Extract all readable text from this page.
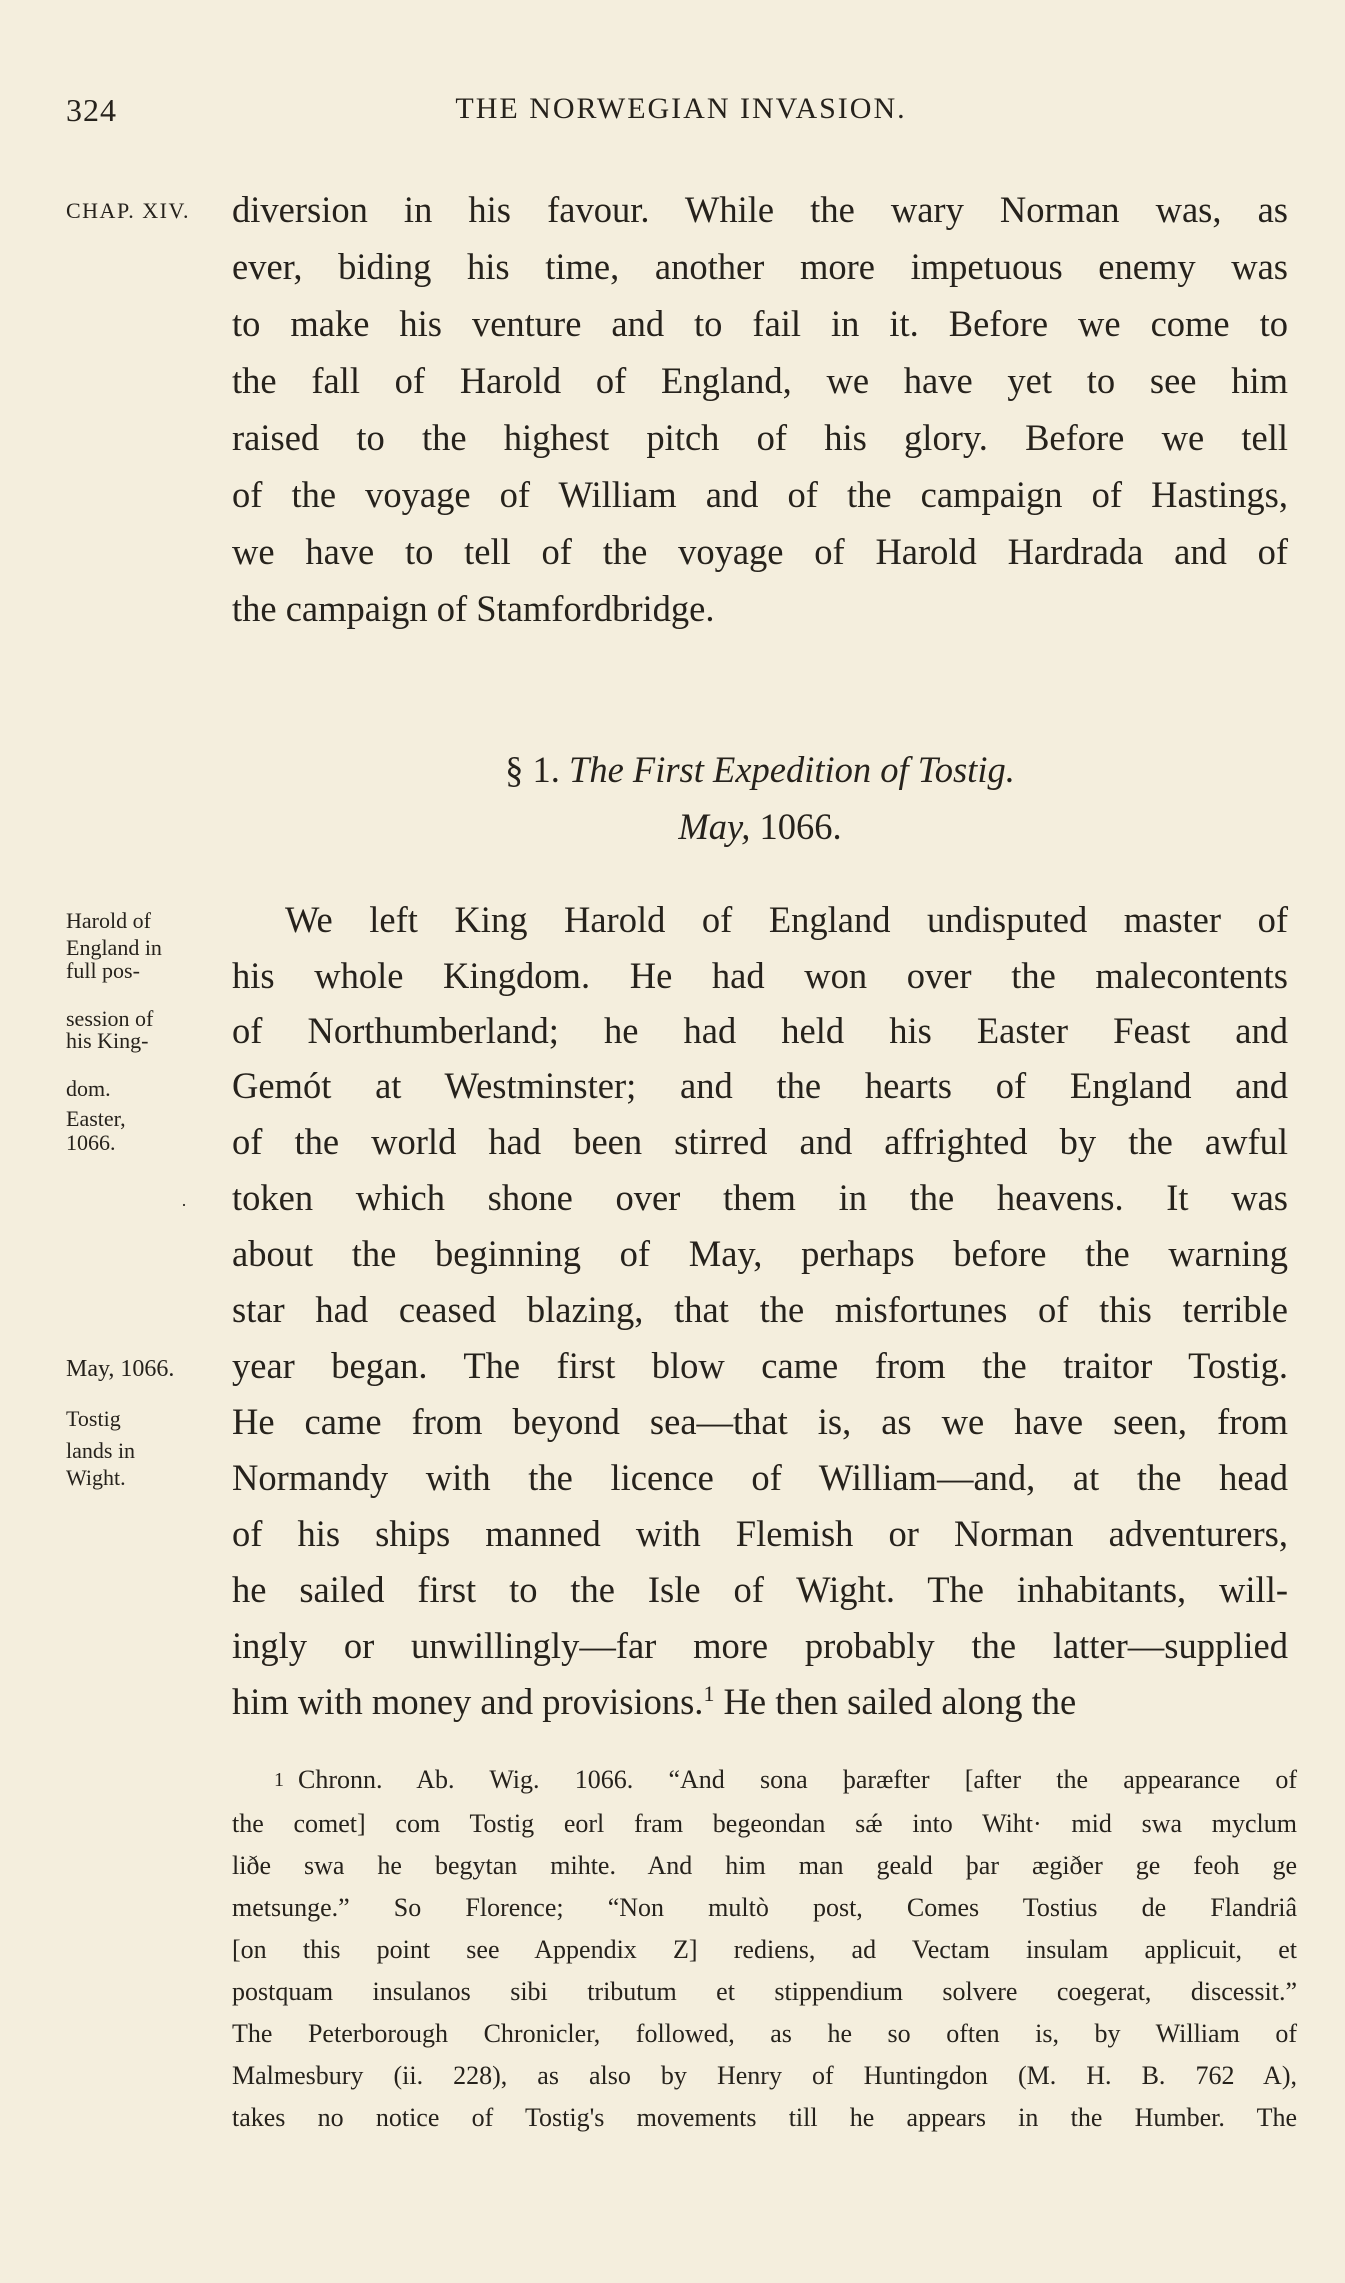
324	THE NORWEGIAN INVASION.
CHAP. XIV.
Harold of
England in
full pos-
session of
his King-
dom.
Easter,
1066.
May, 1066.
Tostig
lands in
Wight.
diversion in his favour. While the wary Norman was, as
ever, biding his time, another more impetuous enemy was
to make his venture and to fail in it. Before we come to
the fall of Harold of England, we have yet to see him
raised to the highest pitch of his glory. Before we tell
of the voyage of William and of the campaign of Hastings,
we have to tell of the voyage of Harold Hardrada and of
the campaign of Stamfordbridge.
§ 1. The First Expedition of Tostig.
May, 1066.
·
We left King Harold of England undisputed master of
his whole Kingdom. He had won over the malecontents
of Northumberland; he had held his Easter Feast and
Gemót at Westminster; and the hearts of England and
of the world had been stirred and affrighted by the awful
token which shone over them in the heavens. It was
about the beginning of May, perhaps before the warning
star had ceased blazing, that the misfortunes of this terrible
year began. The first blow came from the traitor Tostig.
He came from beyond sea—that is, as we have seen, from
Normandy with the licence of William—and, at the head
of his ships manned with Flemish or Norman adventurers,
he sailed first to the Isle of Wight. The inhabitants, will-
ingly or unwillingly—far more probably the latter—supplied
him with money and provisions.$^1$ He then sailed along the
1 Chronn. Ab. Wig. 1066. “And sona þaræfter [after the appearance of
the comet] com Tostig eorl fram begeondan sǽ into Wiht· mid swa myclum
liðe swa he begytan mihte. And him man geald þar ægiðer ge feoh ge
metsunge.” So Florence; “Non multò post, Comes Tostius de Flandriâ
[on this point see Appendix Z] rediens, ad Vectam insulam applicuit, et
postquam insulanos sibi tributum et stippendium solvere coegerat, discessit.”
The Peterborough Chronicler, followed, as he so often is, by William of
Malmesbury (ii. 228), as also by Henry of Huntingdon (M. H. B. 762 A),
takes no notice of Tostig's movements till he appears in the Humber. The
